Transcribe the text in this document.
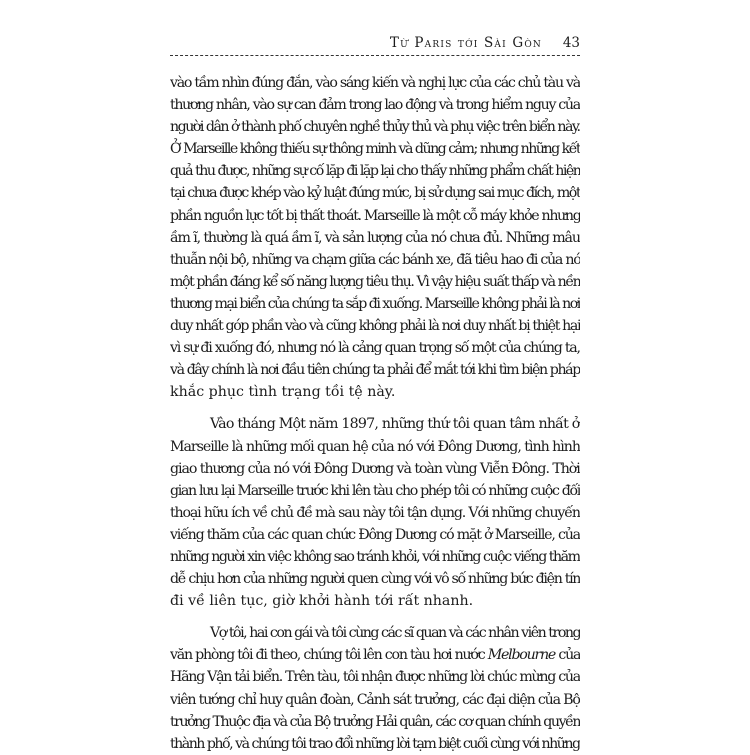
Từ Paris tới Sài Gòn 43

vào tầm nhìn đúng đắn, vào sáng kiến và nghị lực của các chủ tàu và
thương nhân, vào sự can đảm trong lao động và trong hiểm nguy của
người dân ở thành phố chuyên nghề thủy thủ và phụ việc trên biển này.
Ở Marseille không thiếu sự thông minh và dũng cảm; nhưng những kết
quả thu được, những sự cố lặp đi lặp lại cho thấy những phẩm chất hiện
tại chưa được khép vào kỷ luật đúng mức, bị sử dụng sai mục đích, một
phần nguồn lực tốt bị thất thoát. Marseille là một cỗ máy khỏe nhưng
ầm ĩ, thường là quá ầm ĩ, và sản lượng của nó chưa đủ. Những mâu
thuẫn nội bộ, những va chạm giữa các bánh xe, đã tiêu hao đi của nó
một phần đáng kể số năng lượng tiêu thụ. Vì vậy hiệu suất thấp và nền
thương mại biển của chúng ta sắp đi xuống. Marseille không phải là nơi
duy nhất góp phần vào và cũng không phải là nơi duy nhất bị thiệt hại
vì sự đi xuống đó, nhưng nó là cảng quan trọng số một của chúng ta,
và đây chính là nơi đầu tiên chúng ta phải để mắt tới khi tìm biện pháp
khắc phục tình trạng tồi tệ này.

Vào tháng Một năm 1897, những thứ tôi quan tâm nhất ở
Marseille là những mối quan hệ của nó với Đông Dương, tình hình
giao thương của nó với Đông Dương và toàn vùng Viễn Đông. Thời
gian lưu lại Marseille trước khi lên tàu cho phép tôi có những cuộc đối
thoại hữu ích về chủ đề mà sau này tôi tận dụng. Với những chuyến
viếng thăm của các quan chức Đông Dương có mặt ở Marseille, của
những người xin việc không sao tránh khỏi, với những cuộc viếng thăm
dễ chịu hơn của những người quen cùng với vô số những bức điện tín
đi về liên tục, giờ khởi hành tới rất nhanh.

Vợ tôi, hai con gái và tôi cùng các sĩ quan và các nhân viên trong
văn phòng tôi đi theo, chúng tôi lên con tàu hơi nước Melbourne của
Hãng Vận tải biển. Trên tàu, tôi nhận được những lời chúc mừng của
viên tướng chỉ huy quân đoàn, Cảnh sát trưởng, các đại diện của Bộ
trưởng Thuộc địa và của Bộ trưởng Hải quân, các cơ quan chính quyền
thành phố, và chúng tôi trao đổi những lời tạm biệt cuối cùng với những
